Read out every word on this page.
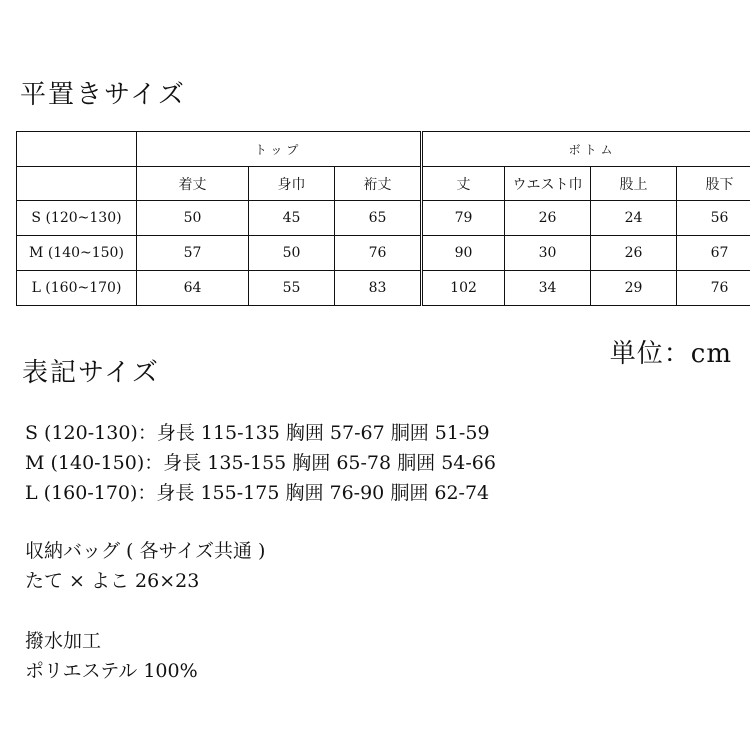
平置きサイズ
	トップ				ボトム			
	着丈	身巾	裄丈		丈	ウエスト巾	股上	股下
S (120~130)	50	45	65		79	26	24	56
M (140~150)	57	50	76		90	30	26	67
L (160~170)	64	55	83		102	34	29	76
単位：cm
表記サイズ
S (120-130)：身長 115-135 胸囲 57-67 胴囲 51-59
M (140-150)：身長 135-155 胸囲 65-78 胴囲 54-66
L (160-170)：身長 155-175 胸囲 76-90 胴囲 62-74
収納バッグ ( 各サイズ共通 )
たて × よこ 26×23
撥水加工
ポリエステル 100%
